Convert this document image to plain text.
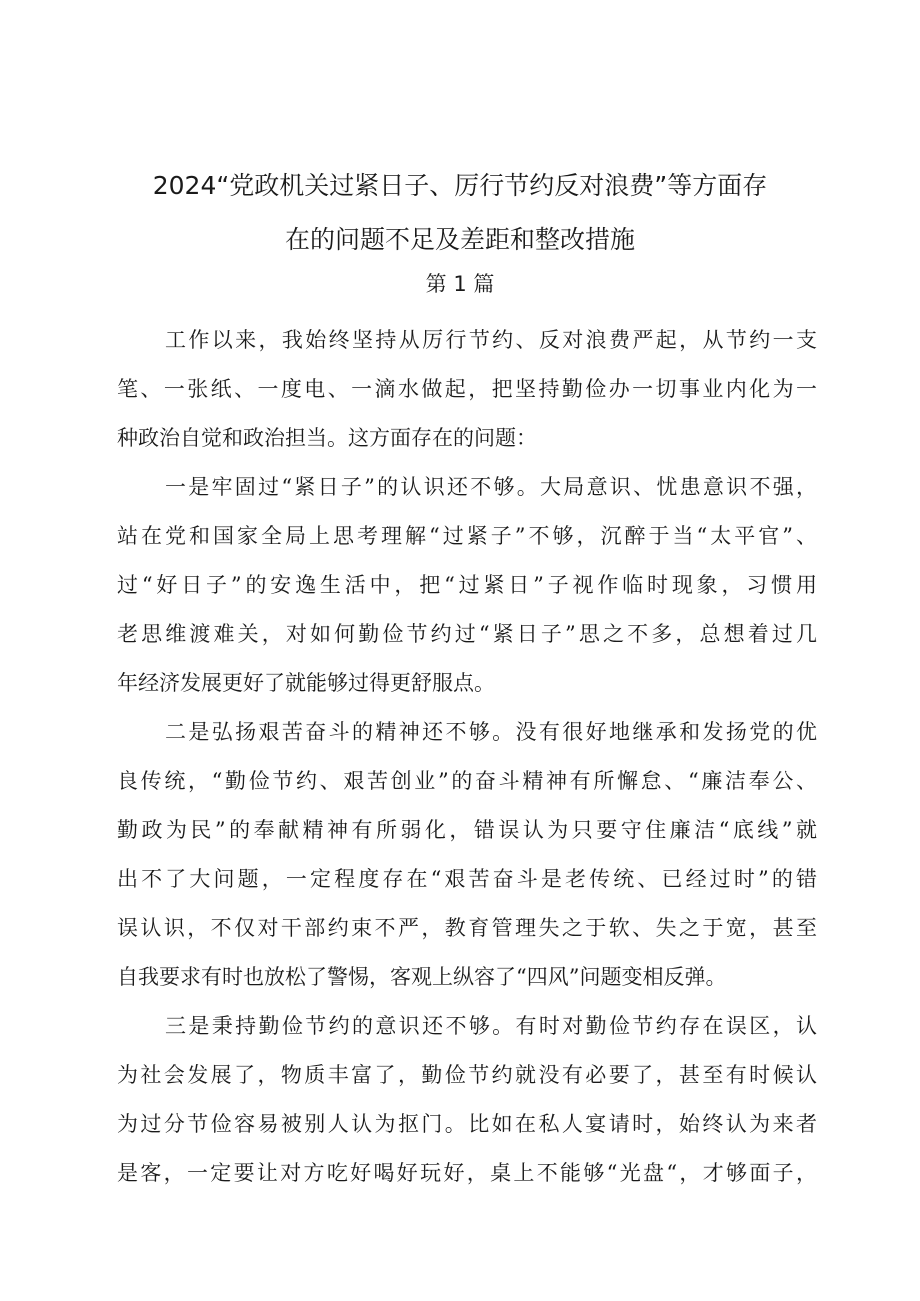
2024“党政机关过紧日子、厉行节约反对浪费”等方面存
在的问题不足及差距和整改措施
第 1 篇
工作以来，我始终坚持从厉行节约、反对浪费严起，从节约一支
笔、一张纸、一度电、一滴水做起，把坚持勤俭办一切事业内化为一
种政治自觉和政治担当。这方面存在的问题：
一是牢固过“紧日子”的认识还不够。大局意识、忧患意识不强，
站在党和国家全局上思考理解“过紧子”不够，沉醉于当“太平官”、
过“好日子”的安逸生活中，把“过紧日”子视作临时现象，习惯用
老思维渡难关，对如何勤俭节约过“紧日子”思之不多，总想着过几
年经济发展更好了就能够过得更舒服点。
二是弘扬艰苦奋斗的精神还不够。没有很好地继承和发扬党的优
良传统，“勤俭节约、艰苦创业”的奋斗精神有所懈怠、“廉洁奉公、
勤政为民”的奉献精神有所弱化，错误认为只要守住廉洁“底线”就
出不了大问题，一定程度存在“艰苦奋斗是老传统、已经过时”的错
误认识，不仅对干部约束不严，教育管理失之于软、失之于宽，甚至
自我要求有时也放松了警惕，客观上纵容了“四风”问题变相反弹。
三是秉持勤俭节约的意识还不够。有时对勤俭节约存在误区，认
为社会发展了，物质丰富了，勤俭节约就没有必要了，甚至有时候认
为过分节俭容易被别人认为抠门。比如在私人宴请时，始终认为来者
是客，一定要让对方吃好喝好玩好，桌上不能够“光盘“，才够面子，
